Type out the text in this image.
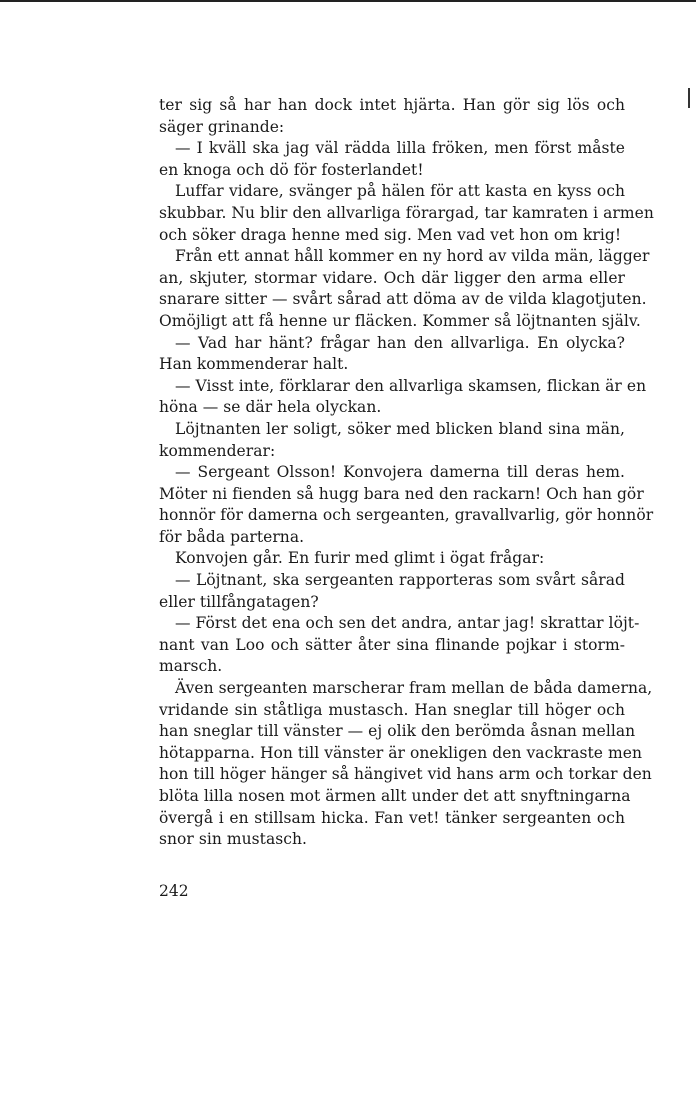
ter sig så har han dock intet hjärta. Han gör sig lös och
säger grinande:
— I kväll ska jag väl rädda lilla fröken, men först måste
en knoga och dö för fosterlandet!
Luffar vidare, svänger på hälen för att kasta en kyss och
skubbar. Nu blir den allvarliga förargad, tar kamraten i armen
och söker draga henne med sig. Men vad vet hon om krig!
Från ett annat håll kommer en ny hord av vilda män, lägger
an, skjuter, stormar vidare. Och där ligger den arma eller
snarare sitter — svårt sårad att döma av de vilda klagotjuten.
Omöjligt att få henne ur fläcken. Kommer så löjtnanten själv.
— Vad har hänt? frågar han den allvarliga. En olycka?
Han kommenderar halt.
— Visst inte, förklarar den allvarliga skamsen, flickan är en
höna — se där hela olyckan.
Löjtnanten ler soligt, söker med blicken bland sina män,
kommenderar:
— Sergeant Olsson! Konvojera damerna till deras hem.
Möter ni fienden så hugg bara ned den rackarn! Och han gör
honnör för damerna och sergeanten, gravallvarlig, gör honnör
för båda parterna.
Konvojen går. En furir med glimt i ögat frågar:
— Löjtnant, ska sergeanten rapporteras som svårt sårad
eller tillfångatagen?
— Först det ena och sen det andra, antar jag! skrattar löjt-
nant van Loo och sätter åter sina flinande pojkar i storm-
marsch.
Även sergeanten marscherar fram mellan de båda damerna,
vridande sin ståtliga mustasch. Han sneglar till höger och
han sneglar till vänster — ej olik den berömda åsnan mellan
hötapparna. Hon till vänster är onekligen den vackraste men
hon till höger hänger så hängivet vid hans arm och torkar den
blöta lilla nosen mot ärmen allt under det att snyftningarna
övergå i en stillsam hicka. Fan vet! tänker sergeanten och
snor sin mustasch.
242
